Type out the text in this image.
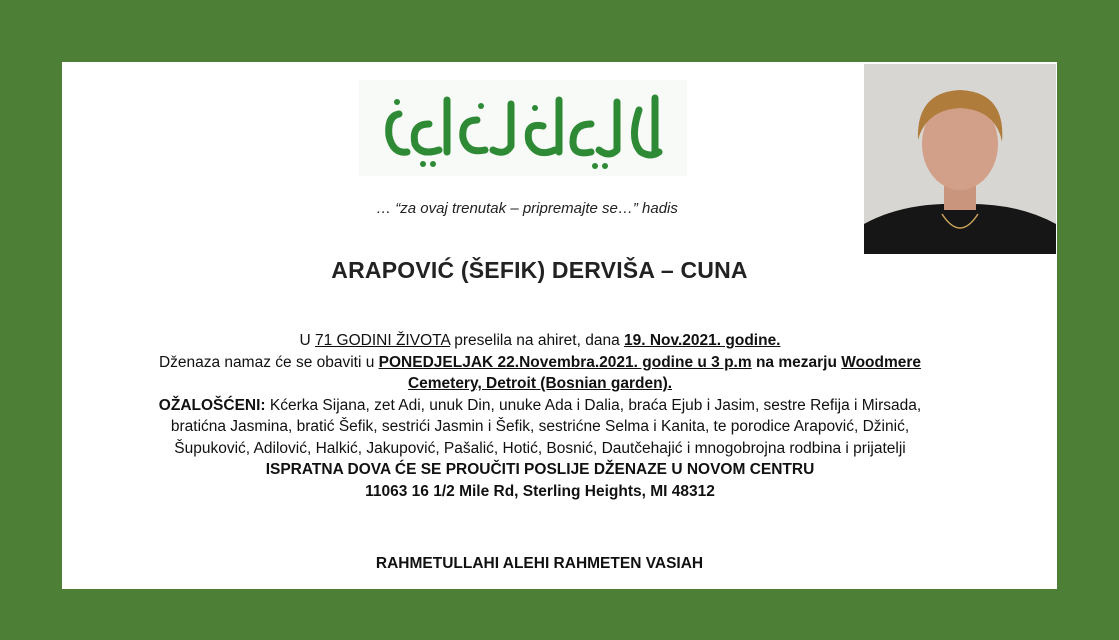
… “za ovaj trenutak – pripremajte se…” hadis
ARAPOVIĆ (ŠEFIK) DERVIŠA – CUNA

U 71 GODINI ŽIVOTA preselila na ahiret, dana 19. Nov.2021. godine.

Dženaza namaz će se obaviti u PONEDJELJAK 22.Novembra.2021. godine u 3 p.m na mezarju Woodmere

Cemetery, Detroit (Bosnian garden).

OŽALOŠĆENI: Kćerka Sijana, zet Adi, unuk Din, unuke Ada i Dalia, braća Ejub i Jasim, sestre Refija i Mirsada,

bratićna Jasmina, bratić Šefik, sestrići Jasmin i Šefik, sestrićne Selma i Kanita, te porodice Arapović, Džinić,

Šupuković, Adilović, Halkić, Jakupović, Pašalić, Hotić, Bosnić, Dautčehajić i mnogobrojna rodbina i prijatelji

ISPRATNA DOVA ĆE SE PROUČITI POSLIJE DŽENAZE U NOVOM CENTRU

11063 16 1/2 Mile Rd, Sterling Heights, MI 48312

RAHMETULLAHI ALEHI RAHMETEN VASIAH
